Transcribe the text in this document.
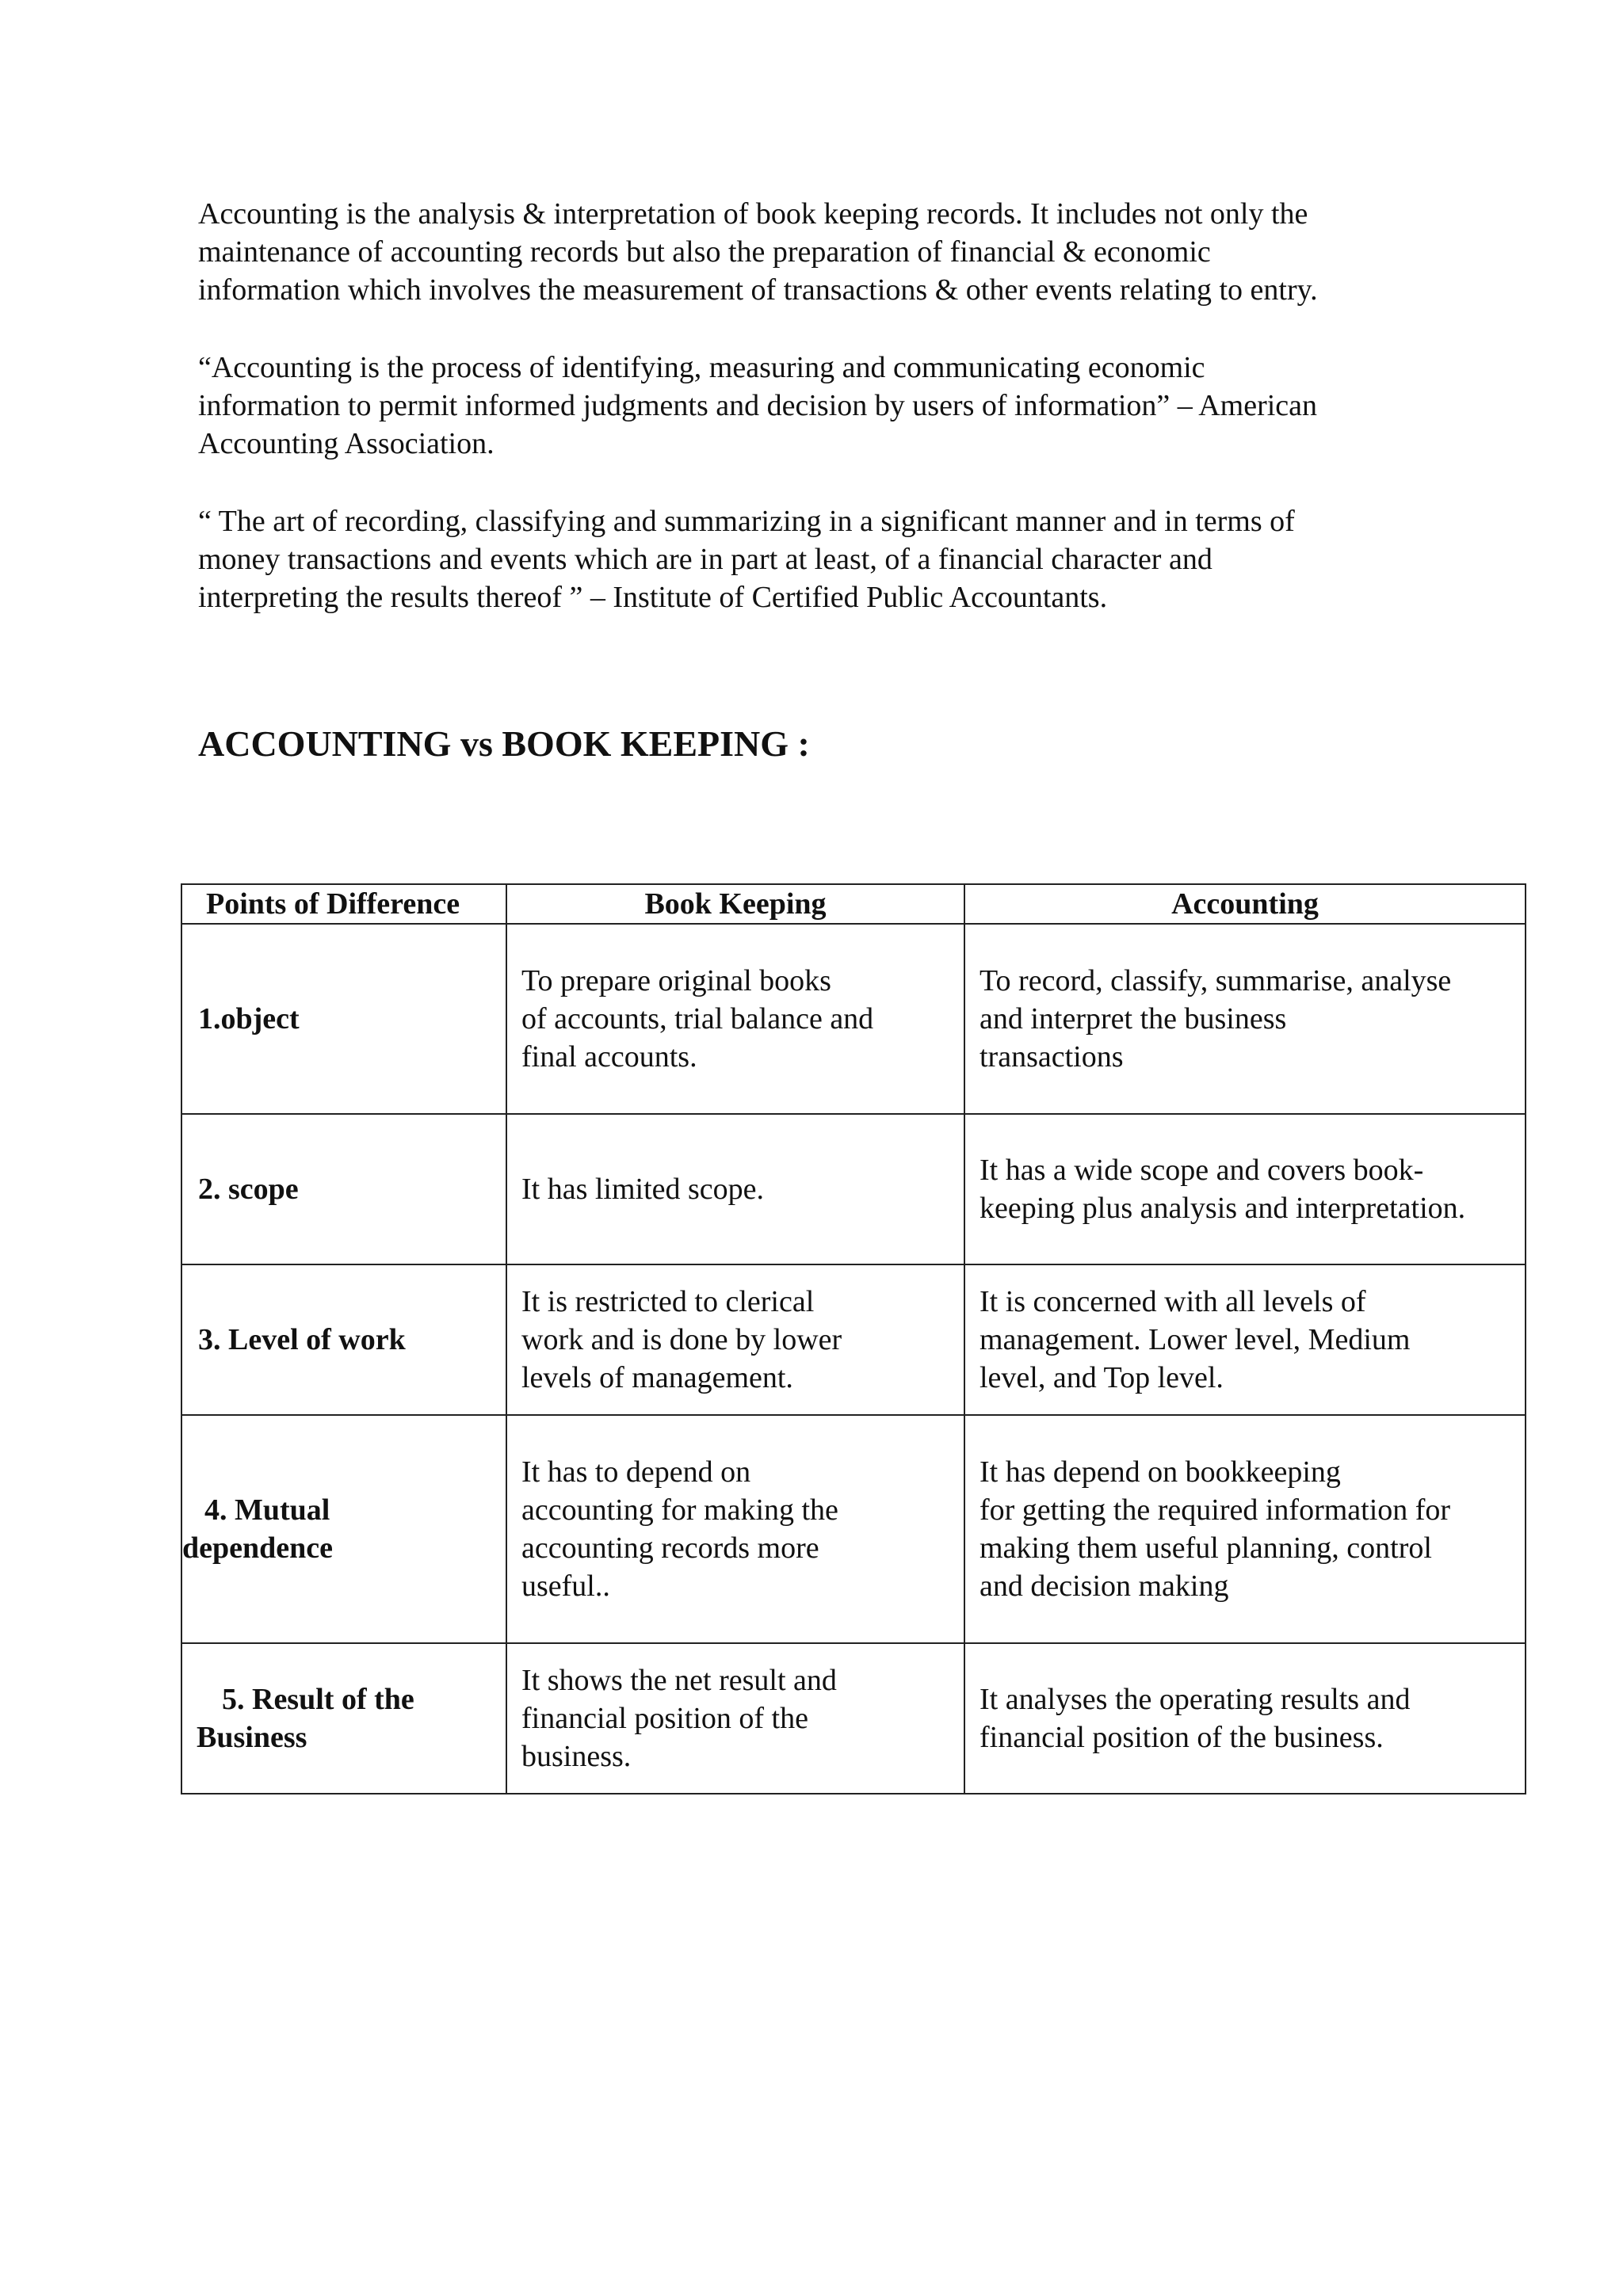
Accounting is the analysis & interpretation of book keeping records. It includes not only the
maintenance of accounting records but also the preparation of financial & economic
information which involves the measurement of transactions & other events relating to entry.

“Accounting is the process of identifying, measuring and communicating economic
information to permit informed judgments and decision by users of information” – American
Accounting Association.

“ The art of recording, classifying and summarizing in a significant manner and in terms of
money transactions and events which are in part at least, of a financial character and
interpreting the results thereof ” – Institute of Certified Public Accountants.

ACCOUNTING vs BOOK KEEPING :
Points of Difference	Book Keeping	Accounting

1.object	To prepare original books
of accounts, trial balance and
final accounts.	To record, classify, summarise, analyse
and interpret the business
transactions

2. scope	It has limited scope.	It has a wide scope and covers book-
keeping plus analysis and interpretation.

3. Level of work	It is restricted to clerical
work and is done by lower
levels of management.	It is concerned with all levels of
management. Lower level, Medium
level, and Top level.

4. Mutual
dependence	It has to depend on
accounting for making the
accounting records more
useful..	It has depend on bookkeeping
for getting the required information for
making them useful planning, control
and decision making

5. Result of the
Business	It shows the net result and
financial position of the
business.	It analyses the operating results and
financial position of the business.
